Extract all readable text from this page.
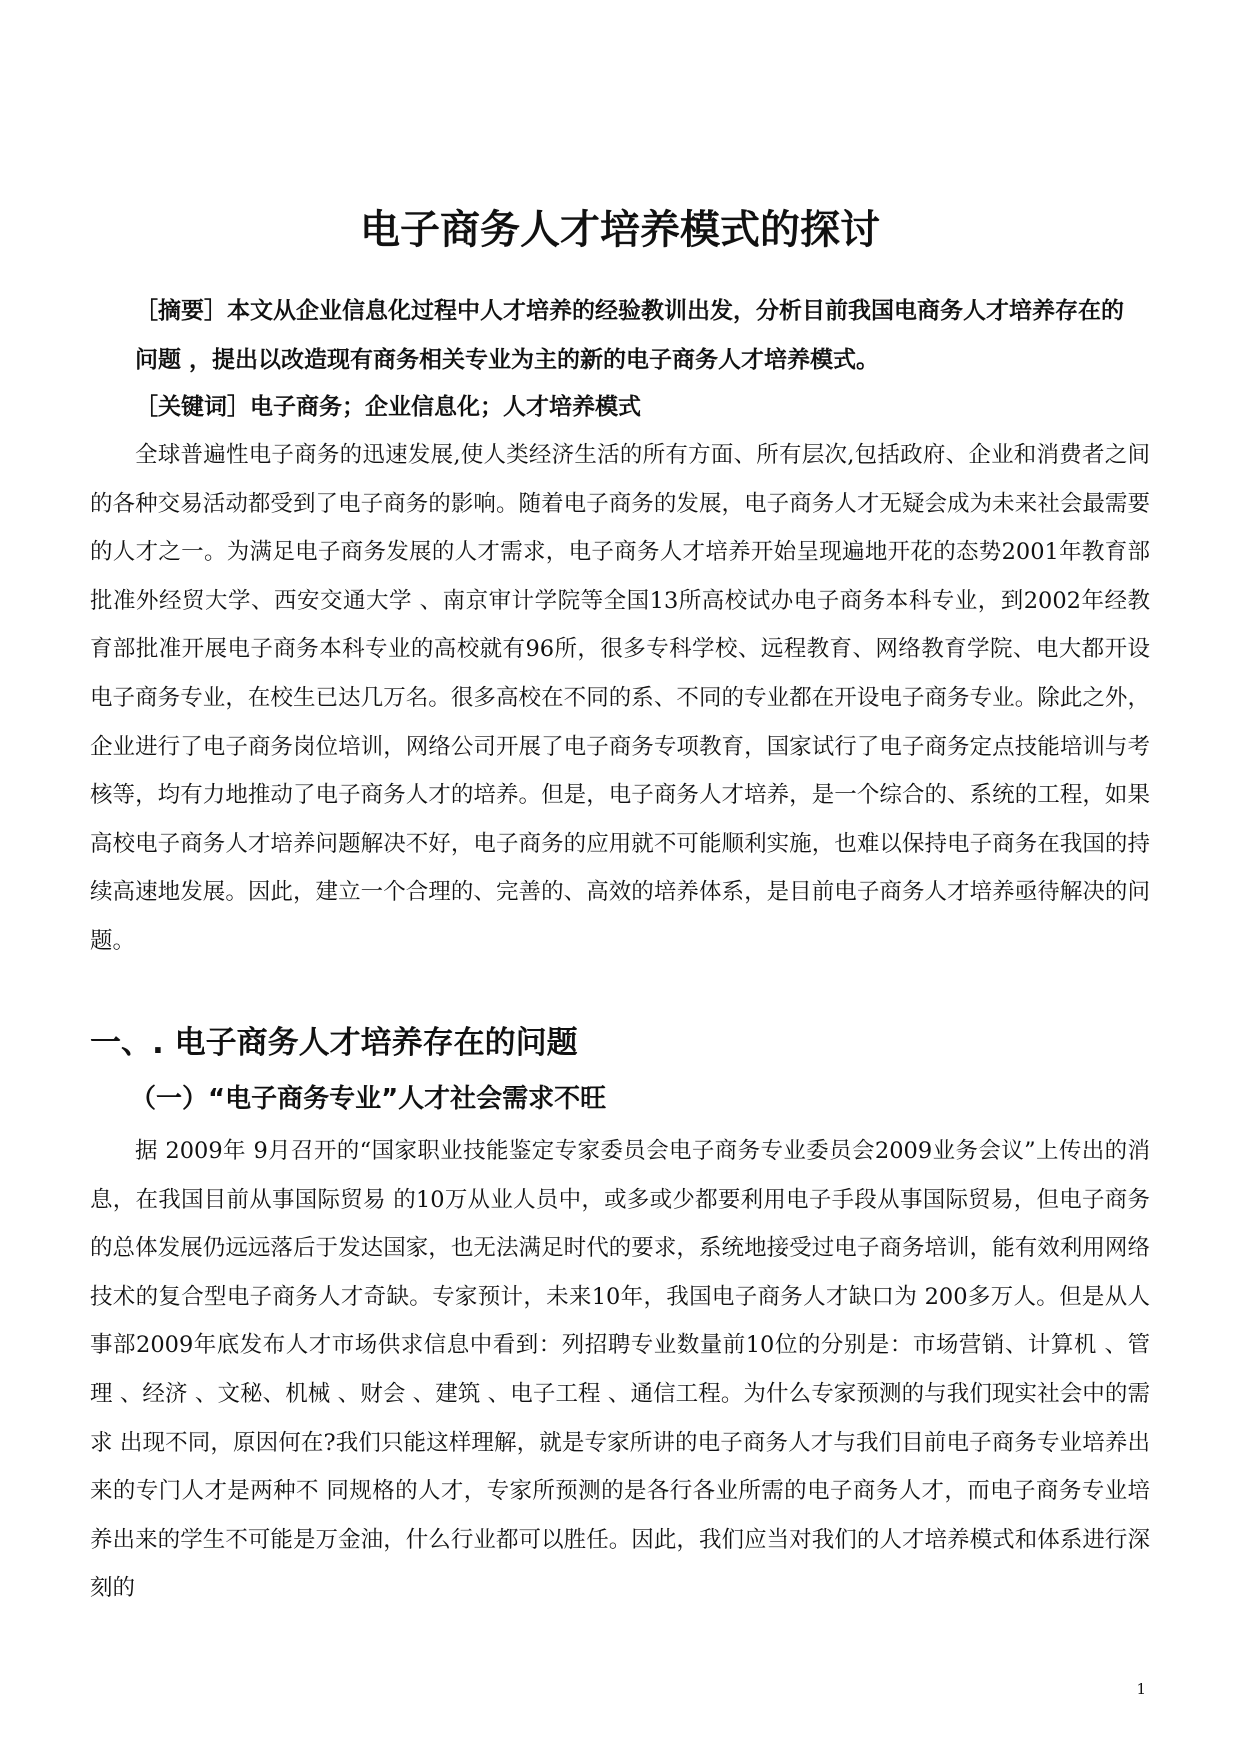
电子商务人才培养模式的探讨

［摘要］本文从企业信息化过程中人才培养的经验教训出发，分析目前我国电商务人才培养存在的问题 ，提出以改造现有商务相关专业为主的新的电子商务人才培养模式。

［关键词］电子商务；企业信息化；人才培养模式

全球普遍性电子商务的迅速发展,使人类经济生活的所有方面、所有层次,包括政府、企业和消费者之间的各种交易活动都受到了电子商务的影响。随着电子商务的发展，电子商务人才无疑会成为未来社会最需要的人才之一。为满足电子商务发展的人才需求，电子商务人才培养开始呈现遍地开花的态势2001年教育部批准外经贸大学、西安交通大学 、南京审计学院等全国13所高校试办电子商务本科专业，到2002年经教育部批准开展电子商务本科专业的高校就有96所，很多专科学校、远程教育、网络教育学院、电大都开设电子商务专业，在校生已达几万名。很多高校在不同的系、不同的专业都在开设电子商务专业。除此之外，企业进行了电子商务岗位培训，网络公司开展了电子商务专项教育，国家试行了电子商务定点技能培训与考核等，均有力地推动了电子商务人才的培养。但是，电子商务人才培养，是一个综合的、系统的工程，如果高校电子商务人才培养问题解决不好，电子商务的应用就不可能顺利实施，也难以保持电子商务在我国的持续高速地发展。因此，建立一个合理的、完善的、高效的培养体系，是目前电子商务人才培养亟待解决的问题。

一、. 电子商务人才培养存在的问题
（一）“电子商务专业”人才社会需求不旺

据 2009年 9月召开的“国家职业技能鉴定专家委员会电子商务专业委员会2009业务会议”上传出的消息，在我国目前从事国际贸易 的10万从业人员中，或多或少都要利用电子手段从事国际贸易，但电子商务的总体发展仍远远落后于发达国家，也无法满足时代的要求，系统地接受过电子商务培训，能有效利用网络技术的复合型电子商务人才奇缺。专家预计，未来10年，我国电子商务人才缺口为 200多万人。但是从人事部2009年底发布人才市场供求信息中看到：列招聘专业数量前10位的分别是：市场营销、计算机 、管理 、经济 、文秘、机械 、财会 、建筑 、电子工程 、通信工程。为什么专家预测的与我们现实社会中的需求 出现不同，原因何在?我们只能这样理解，就是专家所讲的电子商务人才与我们目前电子商务专业培养出来的专门人才是两种不 同规格的人才，专家所预测的是各行各业所需的电子商务人才，而电子商务专业培养出来的学生不可能是万金油，什么行业都可以胜任。因此，我们应当对我们的人才培养模式和体系进行深刻的

1
